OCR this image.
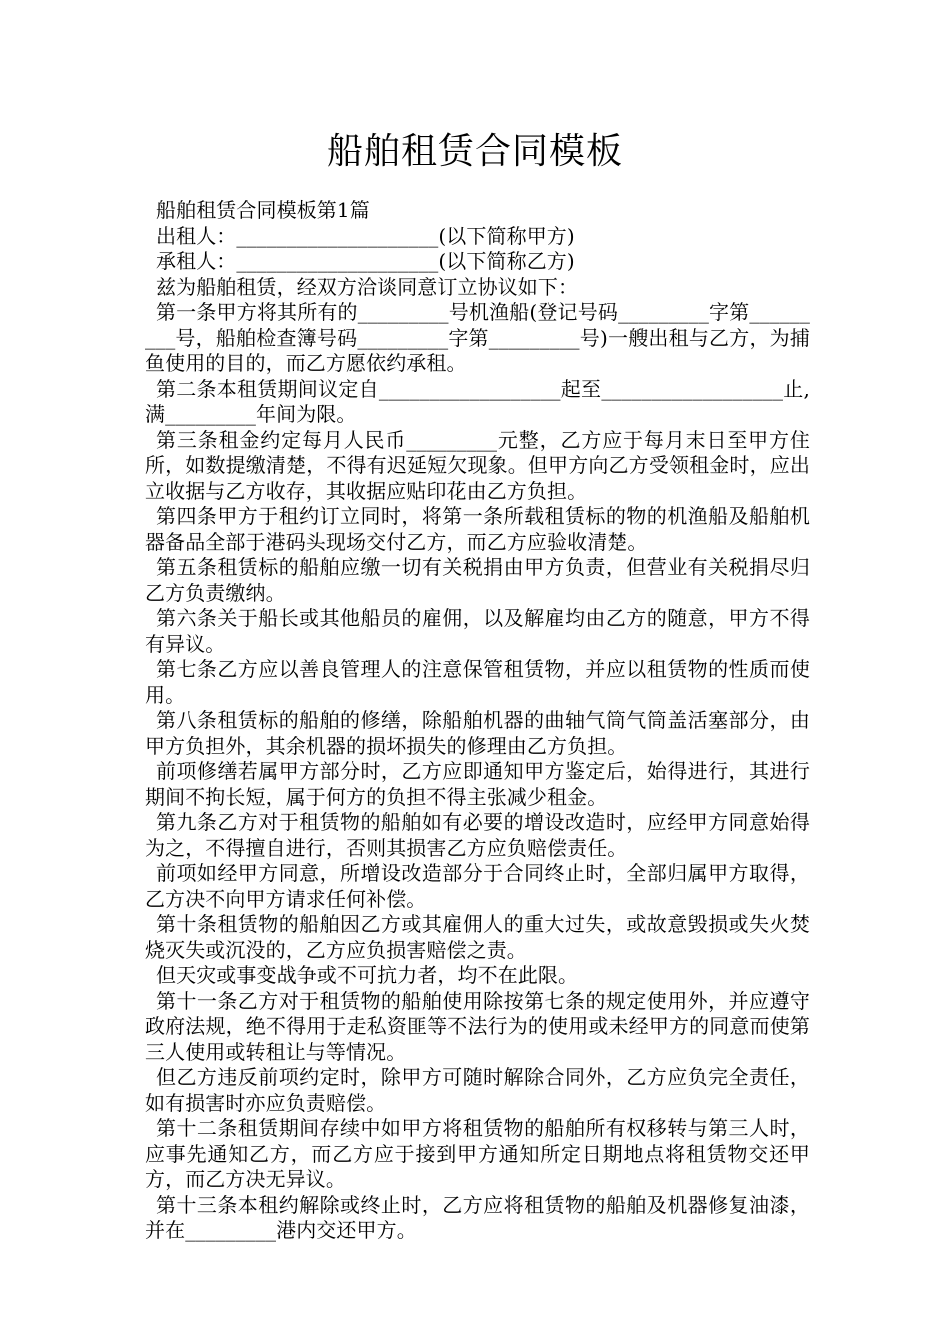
船舶租赁合同模板

船舶租赁合同模板第1篇

出租人：____________________(以下简称甲方)

承租人：____________________(以下简称乙方)

兹为船舶租赁，经双方洽谈同意订立协议如下：

第一条甲方将其所有的_________号机渔船(登记号码_________字第_________号，船舶检查簿号码_________字第_________号)一艘出租与乙方，为捕鱼使用的目的，而乙方愿依约承租。

第二条本租赁期间议定自__________________起至__________________止,满_________年间为限。

第三条租金约定每月人民币_________元整，乙方应于每月末日至甲方住所，如数提缴清楚，不得有迟延短欠现象。但甲方向乙方受领租金时，应出立收据与乙方收存，其收据应贴印花由乙方负担。

第四条甲方于租约订立同时，将第一条所载租赁标的物的机渔船及船舶机器备品全部于港码头现场交付乙方，而乙方应验收清楚。

第五条租赁标的船舶应缴一切有关税捐由甲方负责，但营业有关税捐尽归乙方负责缴纳。

第六条关于船长或其他船员的雇佣，以及解雇均由乙方的随意，甲方不得有异议。

第七条乙方应以善良管理人的注意保管租赁物，并应以租赁物的性质而使用。

第八条租赁标的船舶的修缮，除船舶机器的曲轴气筒气筒盖活塞部分，由甲方负担外，其余机器的损坏损失的修理由乙方负担。

前项修缮若属甲方部分时，乙方应即通知甲方鉴定后，始得进行，其进行期间不拘长短，属于何方的负担不得主张减少租金。

第九条乙方对于租赁物的船舶如有必要的增设改造时，应经甲方同意始得为之，不得擅自进行，否则其损害乙方应负赔偿责任。

前项如经甲方同意，所增设改造部分于合同终止时，全部归属甲方取得，乙方决不向甲方请求任何补偿。

第十条租赁物的船舶因乙方或其雇佣人的重大过失，或故意毁损或失火焚烧灭失或沉没的，乙方应负损害赔偿之责。

但天灾或事变战争或不可抗力者，均不在此限。

第十一条乙方对于租赁物的船舶使用除按第七条的规定使用外，并应遵守政府法规，绝不得用于走私资匪等不法行为的使用或未经甲方的同意而使第三人使用或转租让与等情况。

但乙方违反前项约定时，除甲方可随时解除合同外，乙方应负完全责任，如有损害时亦应负责赔偿。

第十二条租赁期间存续中如甲方将租赁物的船舶所有权移转与第三人时，应事先通知乙方，而乙方应于接到甲方通知所定日期地点将租赁物交还甲方，而乙方决无异议。

第十三条本租约解除或终止时，乙方应将租赁物的船舶及机器修复油漆，并在_________港内交还甲方。
